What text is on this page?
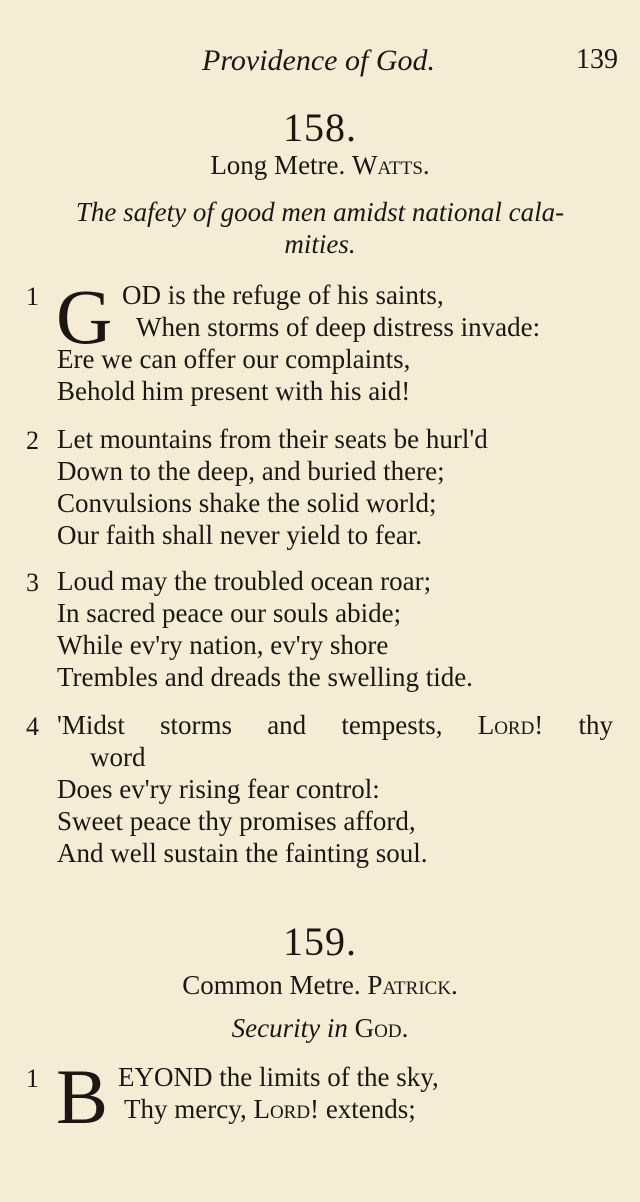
Providence of God.	139
158.
Long Metre. Watts.
The safety of good men amidst national cala-
mities.
1 G OD is the refuge of his saints,
When storms of deep distress invade:
Ere we can offer our complaints,
Behold him present with his aid!
2 Let mountains from their seats be hurl'd
Down to the deep, and buried there;
Convulsions shake the solid world;
Our faith shall never yield to fear.
3 Loud may the troubled ocean roar;
In sacred peace our souls abide;
While ev'ry nation, ev'ry shore
Trembles and dreads the swelling tide.
4 'Midst storms and tempests, Lord! thy
word
Does ev'ry rising fear control:
Sweet peace thy promises afford,
And well sustain the fainting soul.
159.
Common Metre. Patrick.
Security in God.
1 B EYOND the limits of the sky,
Thy mercy, Lord! extends;
